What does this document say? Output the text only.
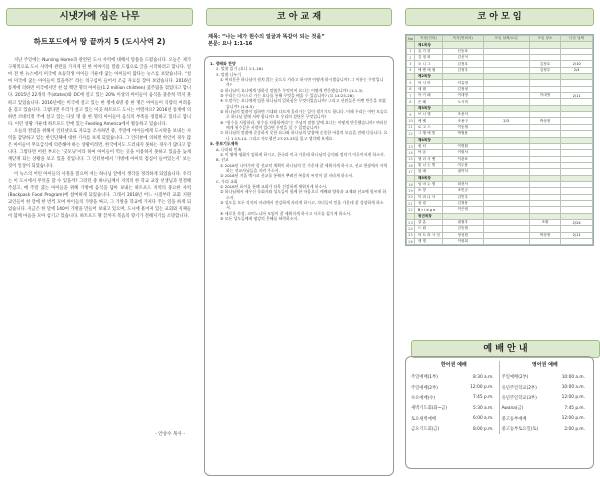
시냇가에 심은 나무
하트포드에서 땅 끝까지 5 (도시사역 2)

지난 주일에는 Nursing Home과 관련된 도시 사역에 대해서 말씀을 드렸습니다. 오늘은 제가 구체적으로 도시 사역에 관련을 가지게 된 한 이야기를 말씀 드림으로 글을 시작하려고 합니다. 얼마 전 한 뉴스에서 미국에 초등학생 아이들 가운데 굶는 아이들이 많다는 뉴스를 보았습니다. “설마 미국에 굶는 아이들이 있을까?” 라는 의구심이 들어서 조금 자료를 찾아 보았습니다. 2016년 통계에 의하면 미국에서만 천 삼 백만 명의 아이들(1.2 million children) 굶주림을 겪었다고 합니다. 2015년 22개의 주(states)와 DC에 살고 있는 20% 이상의 아이들이 음식을 충분히 먹지 못하고 있었습니다. 2016년에는 미국에 살고 있는 한 명에 6명 중 한 명은 아이들이 식량의 어려움을 겪고 있습니다. 그렇다면 우리가 살고 있는 이곳 하트포드 도시는 어떨까요? 2016년 통계에 의하면 코네티컷 주에 살고 있는 다섯 명 중 한 명의 아이들이 음식의 부족을 경험하고 있다고 합니다. 이런 상황 가운데 하트포드 안에 있는 Feeding America에서 활동하고 있습니다.

오늘의 칼럼을 위해서 인터넷으로 자료를 조사하면 중, 주말에 아이들에게 도시락을 보내는 사역을 감당하고 있는 한인단체에 대한 기사를 보게 되었습니다. 그 인터뷰에 의하면 한인이 경우 많은 아이들이 무료급식에 의존해야 하는 상황이라면, 한국에서도 드러내지 못하는 경우가 많다고 합니다. 그렇다면 어떤 부모는 ‘굿모닝’이라 하여 아이들이 먹는 곳을 이용하지 못하고 있음을 늦게 깨닫게 되는 상황을 보고 있을 것입니다. 그 인터뷰에서 ‘가방에 아이의 점심이 들어있는지’ 보는 것이 일상이 되었습니다.

이 뉴스의 어린 아이들의 사정을 읽으며 저는 하나님 앞에서 생각을 정리하게 되었습니다. 우리는 이 도시에서 무엇을 할 수 있을까? 그러던 중 하나님께서 지역의 한 학교 교장 선생님과 연결해 주셨고, 매 주말 굶는 아이들을 위해 가방에 음식을 담아 보내는 하트포드 지역의 중요한 사역(Backpack Food Program)에 참여하게 되었습니다. 그래서 2018년 어느 시점부터 교회 지원 교인들이 한 달에 한 번씩 모여 아이들의 가방을 싸고, 그 가방을 학교에 가져다 주는 일을 하게 되었습니다. 지금은 한 달에 140여 가방을 만들어 보내고 있으며, 도시에 흩어져 있는 교회와 지체들이 함께 마음을 모아 섬기고 있습니다. 하트포드 땅 끝까지 복음의 향기가 전해지기를 소망합니다.

- 안상수 목사 -
코 아 교 재
제목: “나는 네가 원수의 얼굴과 똑같이 되는 것을”
본문: 요나 1:1-16
1. 경배와 찬양
2. 말씀 읽기 (요나 1:1-16)
3. 말씀 나누기
① 여러분은 하나님이 원치 않는 곳으로 가라고 하시면 어떻게 하시겠습니까? 그 이유는 무엇입니까?
② 하나님이 요나에게 명하신 말씀은 무엇이며 요나는 어떻게 반응했습니까? (1:1-3)
③ 우리는 다시스로 가는 요나를 통해 무엇을 배울 수 있습니까? (요 14:25-26)
④ 도망가는 요나에게 임한 하나님의 일하심은 무엇이었습니까? 그리고 선원들은 어떤 반응을 보였습니까? (1:4-5)
⑤ 하나님의 말씀이 임하면 기대와 다르게 흘러가는 일이 생기기도 합니다. 이때 우리는 어떤 모습으로 하나님 앞에 서야 합니까? 또 우리의 결단은 무엇입니까?
⑥ “원수를 사랑하라, 원수를 사랑하여라”는 주님의 말씀 앞에 요나는 어떻게 반응했습니까? 여러분에게 원수같은 사람이 있다면 무엇을 할 수 있겠습니까?
⑦ 하나님의 말씀에 순종하지 못한 요나와 하나님의 말씀에 순종한 바울의 모습을 전해 다릅니다. 요나 1:13-14, 그리고 사도행전 27:23-25를 읽고 생각해 보세요.
5. 중보기도제목
A. 나라와 민족
① 이 땅에 평화가 임하게 하시고, 한국과 미국 가운데 하나님의 공의와 정의가 이루어지게 하소서.
B. 선교
① 2018년 나아가야 할 선교의 계획이 하나님의 뜻 가운데 잘 세워지게 하시고, 선교 현장에서 사역하는 선교사님들을 지켜 주소서.
② 2018년 겨울 멕시코 선교를 통해서 뿌려진 복음의 씨앗이 잘 자라게 하소서.
C. 우리 교회
① 2018년 표어를 통해 교회가 더욱 건강하게 세워지게 하소서.
② 하나님께서 세우신 목회자와 성도들이 함께 한 마음으로 예배와 양육과 교제와 선교에 힘쓰게 하소서.
③ 성도들 모두 각자의 자리에서 건강하게 자라게 하시고, 자녀들이 믿음 가운데 잘 성장하게 하소서.
④ 새로운 목장, 코이노니아 모임이 잘 세워지게 하시고 서로를 섬기게 하소서.
⑤ 모든 성도들에게 평강의 은혜를 허락하소서.
코 아 모 임
No	목장(전화)	목자(연락처)	모임 날짜/요일	모임 장소	다음 날짜
	제1목장				
1	유 가 한	신동표			
2	김 정 화	김신석			
3	오 니 그	김정호		김정호	2/10
4	에 벤 에 셀	김정우		김정우	2/4
	제2목장				
5	아 시 아	이유영			
6	세 렘	김정평			
7	아 가 페	이대영		이대영	2/11
8	은 혜	노시작			
	제3목장				
9	브 니 엘	조용석			
10	에 벨	조용구	2/3	박성영	
11	로 고 스	이동철			
12	그 행 에 빛	박철용			
	제4목장				
13	쉼 터	이명환			
14	야 곱	이원서			
15	엘 리 사 벳	이관표			
16	빛 나 는 별	이두용			
17	열 매	권이석			
	제5목장				
18	임 마 누 엘	최천석			
19	소 망	조민규			
20	이 라 나 사	김민우			
21	성 령	김정용			
22	B r i d g e	이은엽			
	청년목장				
23	샬 롬	권철우		조환	2/24
24	드 림	김동철			
25	아 트 라 시 잇	정성원		박성영	2/11
26	생 명	이평희			
예 배 안 내
한어권 예배		영어권 예배	
주일예배(1부)	8:30 a.m.	주일예배(2부)	10:00 a.m.
주일예배(2부)	12:00 p.m.	유년주일학교(2부)	10:00 a.m.
수요예배(수)	7:45 p.m.	유년주일학교(3부)	12:00 p.m.
새벽기도회(화~금)	5:30 a.m.	Awana(금)	7:45 p.m.
토요새벽예배	6:00 a.m.	중고등부예배	12:00 p.m.
금요기도회(금)	8:00 p.m.	중고등부토요일(토)	2:00 p.m.
